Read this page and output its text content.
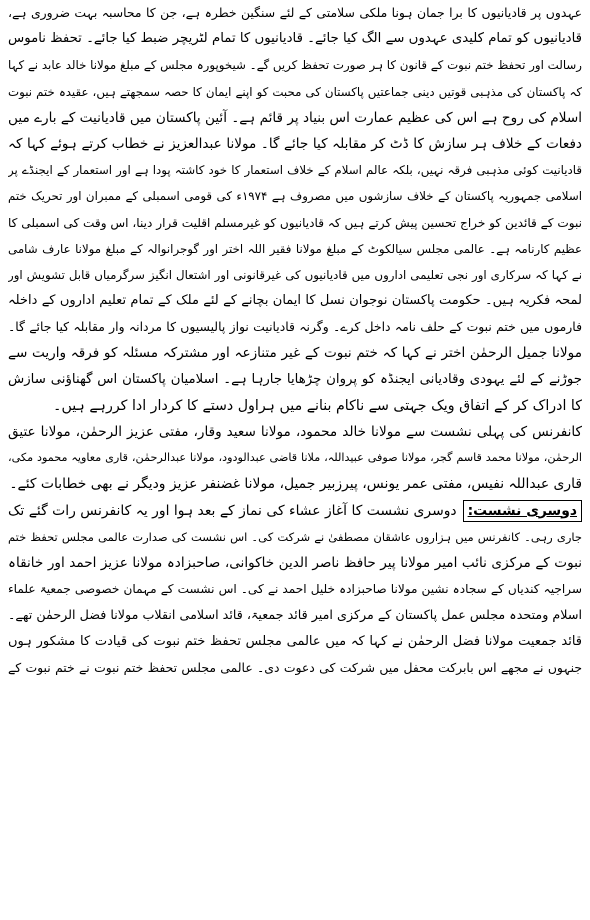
عہدوں پر قادیانیوں کا برا جمان ہونا ملکی سلامتی کے لئے سنگین خطرہ ہے، جن کا محاسبہ بہت ضروری ہے،
قادیانیوں کو تمام کلیدی عہدوں سے الگ کیا جائے۔ قادیانیوں کا تمام لٹریچر ضبط کیا جائے۔ تحفظ ناموس
رسالت اور تحفظ ختم نبوت کے قانون کا ہر صورت تحفظ کریں گے۔ شیخوپورہ مجلس کے مبلغ مولانا خالد عابد نے کہا
کہ پاکستان کی مذہبی قوتیں دینی جماعتیں پاکستان کی محبت کو اپنے ایمان کا حصہ سمجھتے ہیں، عقیدہ ختم نبوت
اسلام کی روح ہے اس کی عظیم عمارت اس بنیاد پر قائم ہے۔ آئین پاکستان میں قادیانیت کے بارے میں
دفعات کے خلاف ہر سازش کا ڈٹ کر مقابلہ کیا جائے گا۔ مولانا عبدالعزیز نے خطاب کرتے ہوئے کہا کہ
قادیانیت کوئی مذہبی فرقہ نہیں، بلکہ عالم اسلام کے خلاف استعمار کا خود کاشتہ پودا ہے اور استعمار کے ایجنڈے پر
اسلامی جمہوریہ پاکستان کے خلاف سازشوں میں مصروف ہے ۱۹۷۴ء کی قومی اسمبلی کے ممبران اور تحریک ختم
نبوت کے قائدین کو خراج تحسین پیش کرتے ہیں کہ قادیانیوں کو غیرمسلم اقلیت قرار دینا، اس وقت کی اسمبلی کا
عظیم کارنامہ ہے۔ عالمی مجلس سیالکوٹ کے مبلغ مولانا فقیر اللہ اختر اور گوجرانوالہ کے مبلغ مولانا عارف شامی
نے کہا کہ سرکاری اور نجی تعلیمی اداروں میں قادیانیوں کی غیرقانونی اور اشتعال انگیز سرگرمیاں قابل تشویش اور
لمحہ فکریہ ہیں۔ حکومت پاکستان نوجوان نسل کا ایمان بچانے کے لئے ملک کے تمام تعلیم اداروں کے داخلہ
فارموں میں ختم نبوت کے حلف نامہ داخل کرے۔ وگرنہ قادیانیت نواز پالیسیوں کا مردانہ وار مقابلہ کیا جائے گا۔
مولانا جمیل الرحمٰن اختر نے کہا کہ ختم نبوت کے غیر متنازعہ اور مشترکہ مسئلہ کو فرقہ واریت سے
جوڑنے کے لئے یہودی وقادیانی ایجنڈہ کو پروان چڑھایا جارہا ہے۔ اسلامیان پاکستان اس گھناؤنی سازش
کا ادراک کر کے اتفاق ویک جہتی سے ناکام بنانے میں ہراول دستے کا کردار ادا کررہے ہیں۔
کانفرنس کی پہلی نشست سے مولانا خالد محمود، مولانا سعید وقار، مفتی عزیز الرحمٰن، مولانا عتیق
الرحمٰن، مولانا محمد قاسم گجر، مولانا صوفی عبیداللہ، ملانا قاضی عبدالودود، مولانا عبدالرحمٰن، قاری معاویہ محمود مکی،
قاری عبداللہ نفیس، مفتی عمر یونس، پیرزبیر جمیل، مولانا غضنفر عزیز ودیگر نے بھی خطابات کئے۔
دوسری نشست:دوسری نشست کا آغاز عشاء کی نماز کے بعد ہوا اور یہ کانفرنس رات گئے تک
جاری رہی۔ کانفرنس میں ہزاروں عاشقان مصطفیٰ نے شرکت کی۔ اس نشست کی صدارت عالمی مجلس تحفظ ختم
نبوت کے مرکزی نائب امیر مولانا پیر حافظ ناصر الدین خاکوانی، صاحبزادہ مولانا عزیز احمد اور خانقاہ
سراجیہ کندیاں کے سجادہ نشین مولانا صاحبزادہ خلیل احمد نے کی۔ اس نشست کے مہمان خصوصی جمعیۃ علماء
اسلام ومتحدہ مجلس عمل پاکستان کے مرکزی امیر قائد جمعیۃ، قائد اسلامی انقلاب مولانا فضل الرحمٰن تھے۔
قائد جمعیت مولانا فضل الرحمٰن نے کہا کہ میں عالمی مجلس تحفظ ختم نبوت کی قیادت کا مشکور ہوں
جنہوں نے مجھے اس بابرکت محفل میں شرکت کی دعوت دی۔ عالمی مجلس تحفظ ختم نبوت نے ختم نبوت کے
